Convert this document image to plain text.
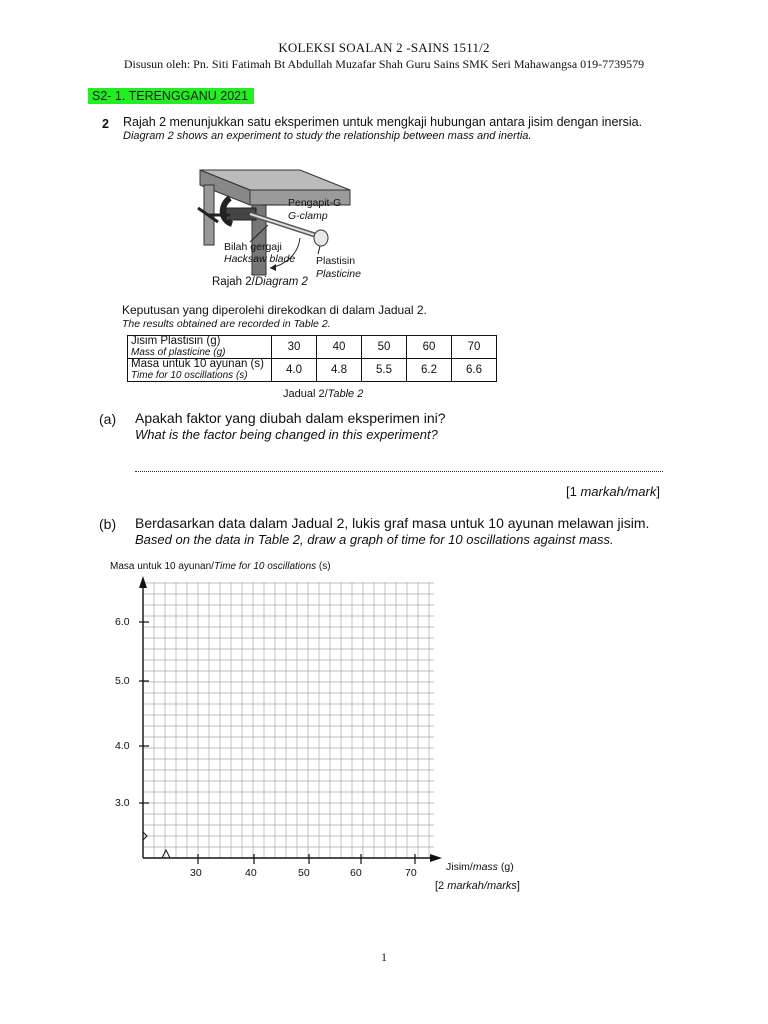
KOLEKSI SOALAN 2 -SAINS 1511/2
Disusun oleh: Pn. Siti Fatimah Bt Abdullah Muzafar Shah Guru Sains SMK Seri Mahawangsa 019-7739579
S2- 1. TERENGGANU 2021
2 Rajah 2 menunjukkan satu eksperimen untuk mengkaji hubungan antara jisim dengan inersia.
Diagram 2 shows an experiment to study the relationship between mass and inertia.
Pengapit-G
G-clamp
Bilah gergaji
Hacksaw blade Plastisin
Plasticine
Rajah 2/Diagram 2
Keputusan yang diperolehi direkodkan di dalam Jadual 2.
The results obtained are recorded in Table 2.
Jisim Plastisin (g)
Mass of plasticine (g)	30	40	50	60	70

Masa untuk 10 ayunan (s)
Time for 10 oscillations (s)	4.0	4.8	5.5	6.2	6.6
Jadual 2/Table 2
(a) Apakah faktor yang diubah dalam eksperimen ini?
What is the factor being changed in this experiment?
[1 markah/mark]
(b) Berdasarkan data dalam Jadual 2, lukis graf masa untuk 10 ayunan melawan jisim.
Based on the data in Table 2, draw a graph of time for 10 oscillations against mass.
Masa untuk 10 ayunan/Time for 10 oscillations (s)
6.0
5.0
4.0
3.0
30	40	50	60	70	Jisim/mass (g)
[2 markah/marks]
1
